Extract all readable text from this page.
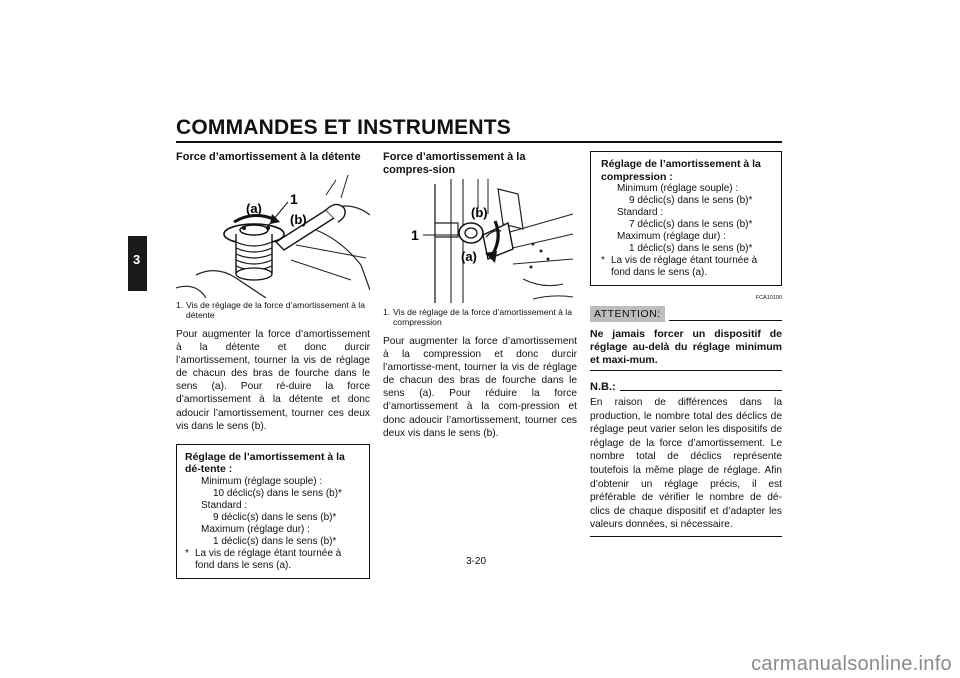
COMMANDES ET INSTRUMENTS
3
Force d’amortissement à la détente
(a)
1
(b)
1. Vis de réglage de la force d’amortissement à la détente
Pour augmenter la force d’amortissement à la détente et donc durcir l’amortissement, tourner la vis de réglage de chacun des bras de fourche dans le sens (a). Pour ré-duire la force d’amortissement à la détente et donc adoucir l’amortissement, tourner ces deux vis dans le sens (b).
Réglage de l’amortissement à la dé-tente :
Minimum (réglage souple) :
10 déclic(s) dans le sens (b)*
Standard :
9 déclic(s) dans le sens (b)*
Maximum (réglage dur) :
1 déclic(s) dans le sens (b)*
* La vis de réglage étant tournée à fond dans le sens (a).
Force d’amortissement à la compres-sion
(b)
1
(a)
1. Vis de réglage de la force d’amortissement à la compression
Pour augmenter la force d’amortissement à la compression et donc durcir l’amortisse-ment, tourner la vis de réglage de chacun des bras de fourche dans le sens (a). Pour réduire la force d’amortissement à la com-pression et donc adoucir l’amortissement, tourner ces deux vis dans le sens (b).
Réglage de l’amortissement à la compression :
Minimum (réglage souple) :
9 déclic(s) dans le sens (b)*
Standard :
7 déclic(s) dans le sens (b)*
Maximum (réglage dur) :
1 déclic(s) dans le sens (b)*
* La vis de réglage étant tournée à fond dans le sens (a).
FCA10100
ATTENTION:
Ne jamais forcer un dispositif de réglage au-delà du réglage minimum et maxi-mum.
N.B.:
En raison de différences dans la production, le nombre total des déclics de réglage peut varier selon les dispositifs de réglage de la force d’amortissement. Le nombre total de déclics représente toutefois la même plage de réglage. Afin d’obtenir un réglage précis, il est préférable de vérifier le nombre de dé-clics de chaque dispositif et d’adapter les valeurs données, si nécessaire.
3-20
carmanualsonline.info
